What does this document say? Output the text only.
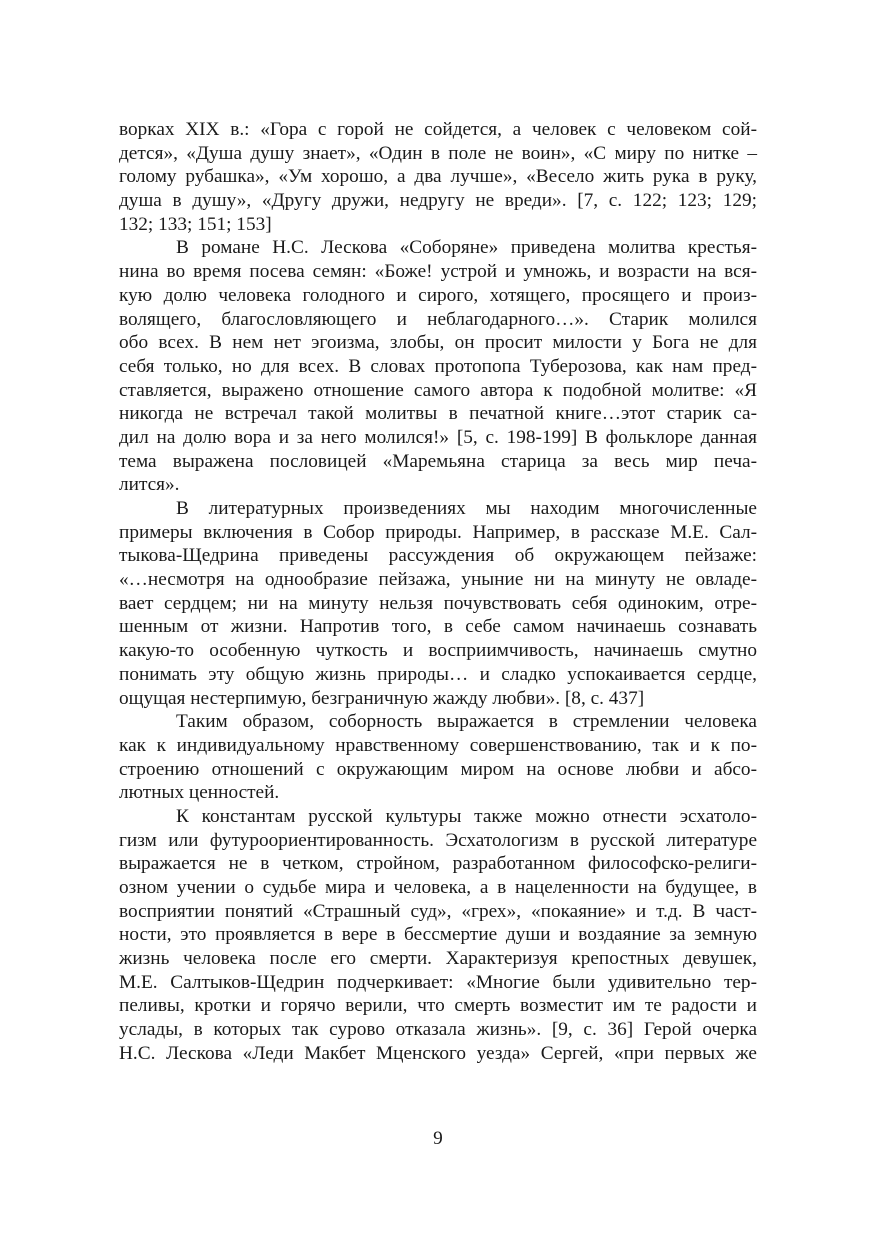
ворках XIX в.: «Гора с горой не сойдется, а человек с человеком сой-
дется», «Душа душу знает», «Один в поле не воин», «С миру по нитке –
голому рубашка», «Ум хорошо, а два лучше», «Весело жить рука в руку,
душа в душу», «Другу дружи, недругу не вреди». [7, с. 122; 123; 129;
132; 133; 151; 153]
В романе Н.С. Лескова «Соборяне» приведена молитва крестья-
нина во время посева семян: «Боже! устрой и умножь, и возрасти на вся-
кую долю человека голодного и сирого, хотящего, просящего и произ-
волящего, благословляющего и неблагодарного…». Старик молился
обо всех. В нем нет эгоизма, злобы, он просит милости у Бога не для
себя только, но для всех. В словах протопопа Туберозова, как нам пред-
ставляется, выражено отношение самого автора к подобной молитве: «Я
никогда не встречал такой молитвы в печатной книге…этот старик са-
дил на долю вора и за него молился!» [5, с. 198-199] В фольклоре данная
тема выражена пословицей «Маремьяна старица за весь мир печа-
лится».
В литературных произведениях мы находим многочисленные
примеры включения в Собор природы. Например, в рассказе М.Е. Сал-
тыкова-Щедрина приведены рассуждения об окружающем пейзаже:
«…несмотря на однообразие пейзажа, уныние ни на минуту не овладе-
вает сердцем; ни на минуту нельзя почувствовать себя одиноким, отре-
шенным от жизни. Напротив того, в себе самом начинаешь сознавать
какую-то особенную чуткость и восприимчивость, начинаешь смутно
понимать эту общую жизнь природы… и сладко успокаивается сердце,
ощущая нестерпимую, безграничную жажду любви». [8, с. 437]
Таким образом, соборность выражается в стремлении человека
как к индивидуальному нравственному совершенствованию, так и к по-
строению отношений с окружающим миром на основе любви и абсо-
лютных ценностей.
К константам русской культуры также можно отнести эсхатоло-
гизм или футуроориентированность. Эсхатологизм в русской литературе
выражается не в четком, стройном, разработанном философско-религи-
озном учении о судьбе мира и человека, а в нацеленности на будущее, в
восприятии понятий «Страшный суд», «грех», «покаяние» и т.д. В част-
ности, это проявляется в вере в бессмертие души и воздаяние за земную
жизнь человека после его смерти. Характеризуя крепостных девушек,
М.Е. Салтыков-Щедрин подчеркивает: «Многие были удивительно тер-
пеливы, кротки и горячо верили, что смерть возместит им те радости и
услады, в которых так сурово отказала жизнь». [9, с. 36] Герой очерка
Н.С. Лескова «Леди Макбет Мценского уезда» Сергей, «при первых же
9
